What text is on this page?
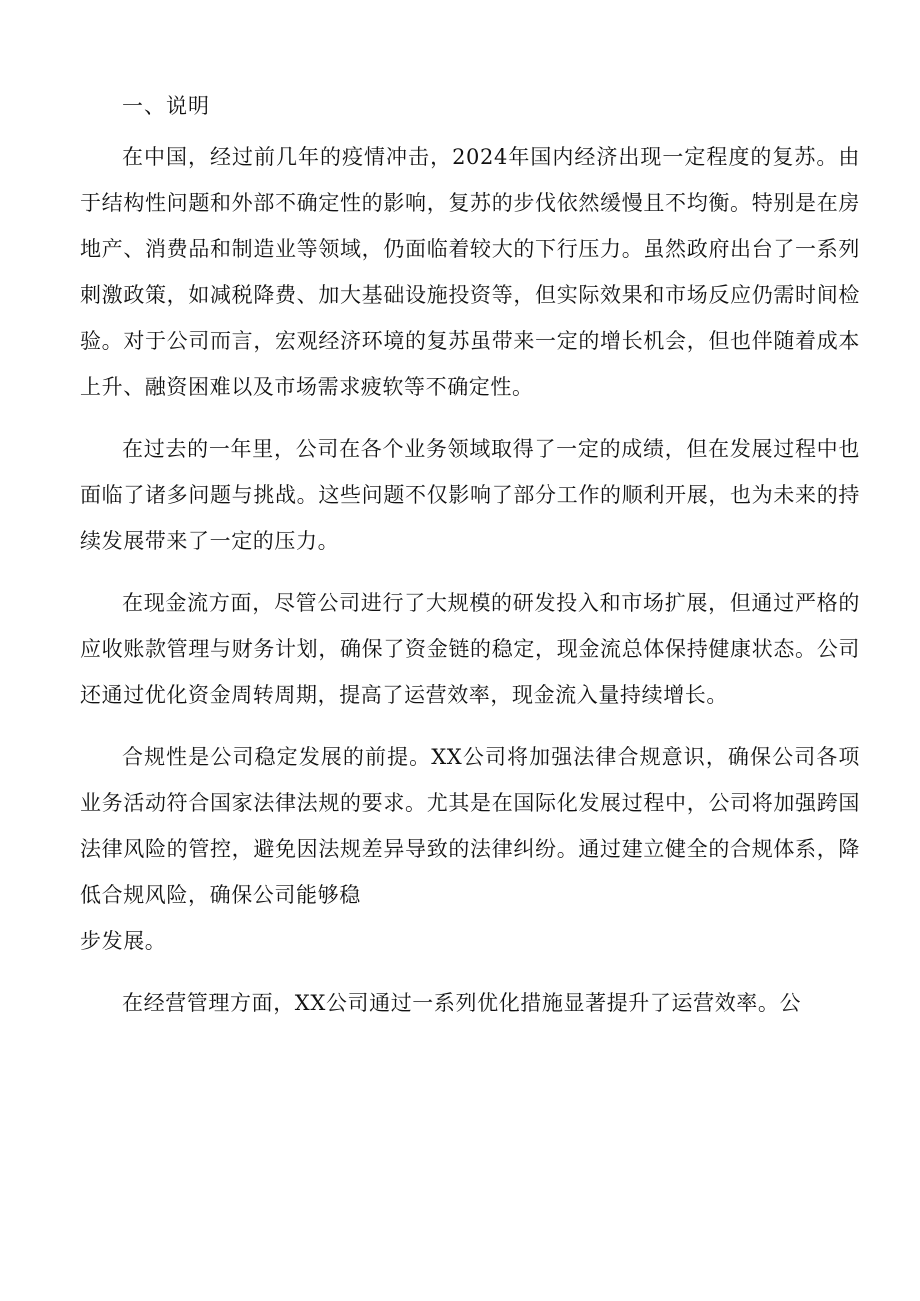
一、说明

在中国，经过前几年的疫情冲击，2024年国内经济出现一定程度的复苏。由于结构性问题和外部不确定性的影响，复苏的步伐依然缓慢且不均衡。特别是在房地产、消费品和制造业等领域，仍面临着较大的下行压力。虽然政府出台了一系列刺激政策，如减税降费、加大基础设施投资等，但实际效果和市场反应仍需时间检验。对于公司而言，宏观经济环境的复苏虽带来一定的增长机会，但也伴随着成本上升、融资困难以及市场需求疲软等不确定性。

在过去的一年里，公司在各个业务领域取得了一定的成绩，但在发展过程中也面临了诸多问题与挑战。这些问题不仅影响了部分工作的顺利开展，也为未来的持续发展带来了一定的压力。

在现金流方面，尽管公司进行了大规模的研发投入和市场扩展，但通过严格的应收账款管理与财务计划，确保了资金链的稳定，现金流总体保持健康状态。公司还通过优化资金周转周期，提高了运营效率，现金流入量持续增长。

合规性是公司稳定发展的前提。XX公司将加强法律合规意识，确保公司各项业务活动符合国家法律法规的要求。尤其是在国际化发展过程中，公司将加强跨国法律风险的管控，避免因法规差异导致的法律纠纷。通过建立健全的合规体系，降低合规风险，确保公司能够稳

步发展。

在经营管理方面，XX公司通过一系列优化措施显著提升了运营效率。公
